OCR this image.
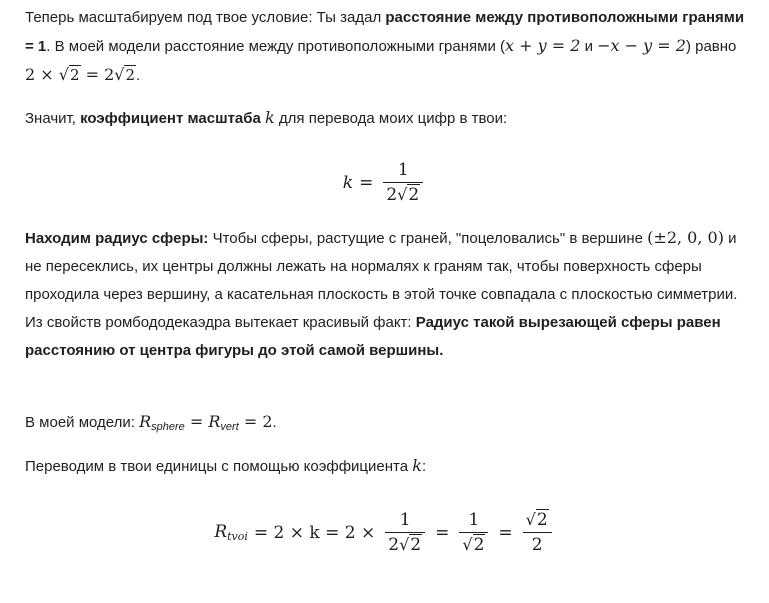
Теперь масштабируем под твое условие: Ты задал расстояние между противоположными гранями = 1. В моей модели расстояние между противоположными гранями (x + y = 2 и −x − y = 2) равно 2 × √2 = 2√2.

Значит, коэффициент масштаба k для перевода моих цифр в твои:

$k = \frac{1}{2√2}$

Находим радиус сферы: Чтобы сферы, растущие с граней, "поцеловались" в вершине (±2, 0, 0) и не пересеклись, их центры должны лежать на нормалях к граням так, чтобы поверхность сферы проходила через вершину, а касательная плоскость в этой точке совпадала с плоскостью симметрии. Из свойств ромбододекаэдра вытекает красивый факт: Радиус такой вырезающей сферы равен расстоянию от центра фигуры до этой самой вершины.

В моей модели: $R_{sphere} = R_{vert} = 2$.

Переводим в твои единицы с помощью коэффициента k:

$R_{tvoi} = 2 \times k = 2 \times \frac{1}{2√2} = \frac{1}{√2} = \frac{√2}{2}$
